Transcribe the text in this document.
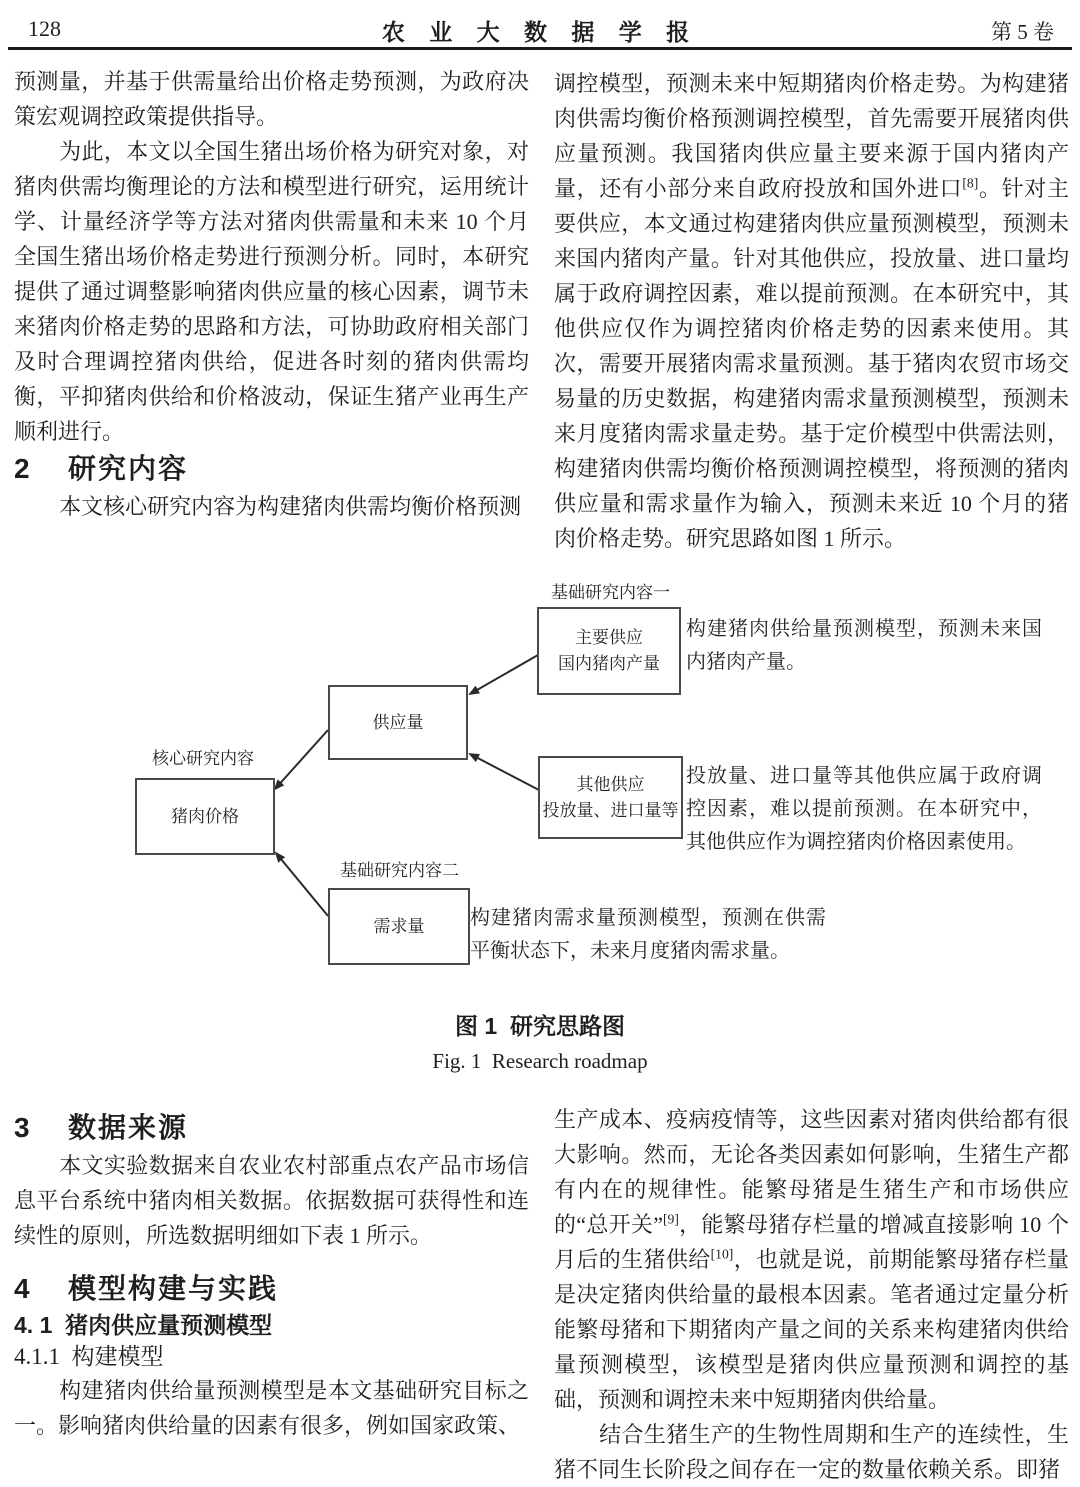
128	农 业 大 数 据 学 报	第 5 卷

预测量，并基于供需量给出价格走势预测，为政府决策宏观调控政策提供指导。

为此，本文以全国生猪出场价格为研究对象，对猪肉供需均衡理论的方法和模型进行研究，运用统计学、计量经济学等方法对猪肉供需量和未来 10 个月全国生猪出场价格走势进行预测分析。同时，本研究提供了通过调整影响猪肉供应量的核心因素，调节未来猪肉价格走势的思路和方法，可协助政府相关部门及时合理调控猪肉供给，促进各时刻的猪肉供需均衡，平抑猪肉供给和价格波动，保证生猪产业再生产顺利进行。

2 研究内容

本文核心研究内容为构建猪肉供需均衡价格预测

调控模型，预测未来中短期猪肉价格走势。为构建猪肉供需均衡价格预测调控模型，首先需要开展猪肉供应量预测。我国猪肉供应量主要来源于国内猪肉产量，还有小部分来自政府投放和国外进口[8]。针对主要供应，本文通过构建猪肉供应量预测模型，预测未来国内猪肉产量。针对其他供应，投放量、进口量均属于政府调控因素，难以提前预测。在本研究中，其他供应仅作为调控猪肉价格走势的因素来使用。其次，需要开展猪肉需求量预测。基于猪肉农贸市场交易量的历史数据，构建猪肉需求量预测模型，预测未来月度猪肉需求量走势。基于定价模型中供需法则，构建猪肉供需均衡价格预测调控模型，将预测的猪肉供应量和需求量作为输入，预测未来近 10 个月的猪肉价格走势。研究思路如图 1 所示。

基础研究内容一
主要供应
国内猪肉产量
构建猪肉供给量预测模型，预测未来国内猪肉产量。
供应量
核心研究内容
猪肉价格
其他供应
投放量、进口量等
投放量、进口量等其他供应属于政府调控因素，难以提前预测。在本研究中，其他供应作为调控猪肉价格因素使用。
基础研究内容二
需求量	构建猪肉需求量预测模型，预测在供需平衡状态下，未来月度猪肉需求量。

图 1  研究思路图

Fig. 1  Research roadmap

3 数据来源

本文实验数据来自农业农村部重点农产品市场信息平台系统中猪肉相关数据。依据数据可获得性和连续性的原则，所选数据明细如下表 1 所示。

4 模型构建与实践

4. 1  猪肉供应量预测模型

4.1.1  构建模型

构建猪肉供给量预测模型是本文基础研究目标之一。影响猪肉供给量的因素有很多，例如国家政策、

生产成本、疫病疫情等，这些因素对猪肉供给都有很大影响。然而，无论各类因素如何影响，生猪生产都有内在的规律性。能繁母猪是生猪生产和市场供应的“总开关”[9]，能繁母猪存栏量的增减直接影响 10 个月后的生猪供给[10]，也就是说，前期能繁母猪存栏量是决定猪肉供给量的最根本因素。笔者通过定量分析能繁母猪和下期猪肉产量之间的关系来构建猪肉供给量预测模型，该模型是猪肉供应量预测和调控的基础，预测和调控未来中短期猪肉供给量。

结合生猪生产的生物性周期和生产的连续性，生猪不同生长阶段之间存在一定的数量依赖关系。即猪
